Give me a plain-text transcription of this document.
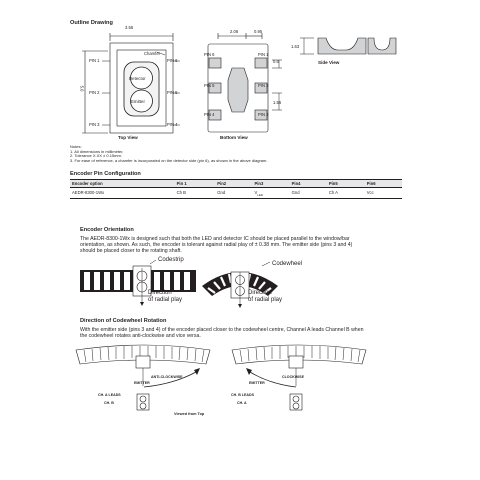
Outline Drawing
3.56
5.0
PIN 1
PIN 2
PIN 3
PIN 6
PIN 5
PIN 4
Chamfer
Detector
Emitter
Top View
2.06	0.95
0.6
1.56
PIN 6
PIN 5
PIN 4
PIN 1
PIN 2
PIN 3
Bottom View
1.63
Side View
Notes:
1. All dimensions in millimeter.
2. Tolerance X.XX ± 0.15mm.
3. For ease of reference, a chamfer is incorporated on the detector side (pin 6), as shown in the above diagram.
Encoder Pin Configuration
Encoder option	Pin 1	Pin2	Pin3	Pin4	Pin5	Pin6
AEDR-8300-1Wx	Ch B	Gnd	$V_{LED}$	Gnd	Ch A	Vcc
Encoder Orientation
The AEDR-8300-1Wx is designed such that both the LED and detector IC should be placed parallel to the window/bar orientation, as shown. As such, the encoder is tolerant against radial play of ± 0.38 mm. The emitter side (pins 3 and 4) should be placed closer to the rotating shaft.
Codestrip
Codewheel
Direction
of radial play
Direction
of radial play
Direction of Codewheel Rotation
With the emitter side (pins 3 and 4) of the encoder placed closer to the codewheel centre, Channel A leads Channel B when the codewheel rotates anti-clockwise and vice versa.
ANTI-CLOCKWISE
EMITTER
CH. A LEADS
CH. B
CLOCKWISE
EMITTER
CH. B LEADS
CH. A
Viewed from Top
